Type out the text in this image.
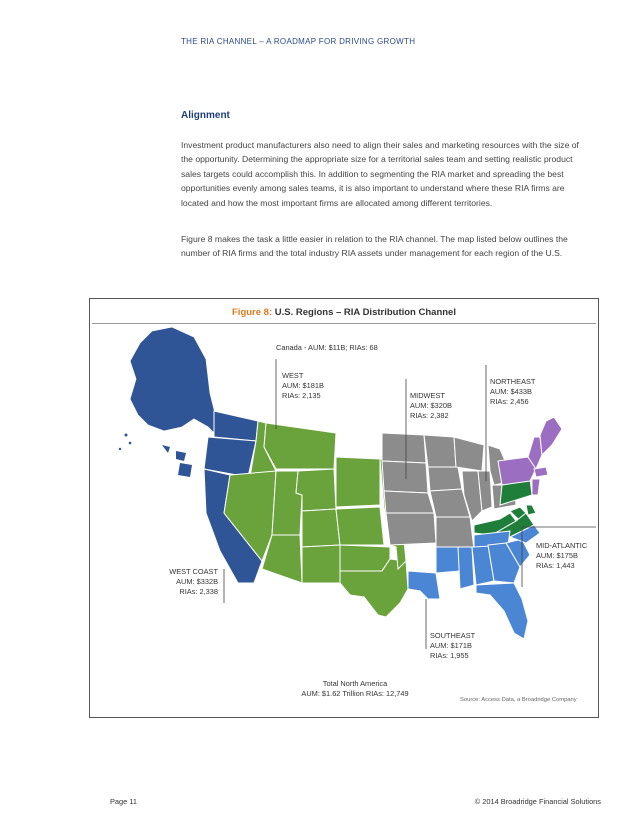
THE RIA CHANNEL – A ROADMAP FOR DRIVING GROWTH
Alignment

Investment product manufacturers also need to align their sales and marketing resources with the size of the opportunity. Determining the appropriate size for a territorial sales team and setting realistic product sales targets could accomplish this. In addition to segmenting the RIA market and spreading the best opportunities evenly among sales teams, it is also important to understand where these RIA firms are located and how the most important firms are allocated among different territories.

Figure 8 makes the task a little easier in relation to the RIA channel. The map listed below outlines the number of RIA firms and the total industry RIA assets under management for each region of the U.S.

Figure 8: U.S. Regions – RIA Distribution Channel
Canada - AUM: $11B; RIAs: 68
WEST
AUM: $181B
RIAs: 2,135	MIDWEST
AUM: $320B
RIAs: 2,382
NORTHEAST
AUM: $433B
RIAs: 2,456
MID-ATLANTIC
AUM: $175B
RIAs: 1,443
WEST COAST
AUM: $332B
RIAs: 2,338
SOUTHEAST
AUM: $171B
RIAs: 1,955
Total North America
AUM: $1.62 Trillion RIAs: 12,749
Source: Access Data, a Broadridge Company
Page 11	© 2014 Broadridge Financial Solutions
